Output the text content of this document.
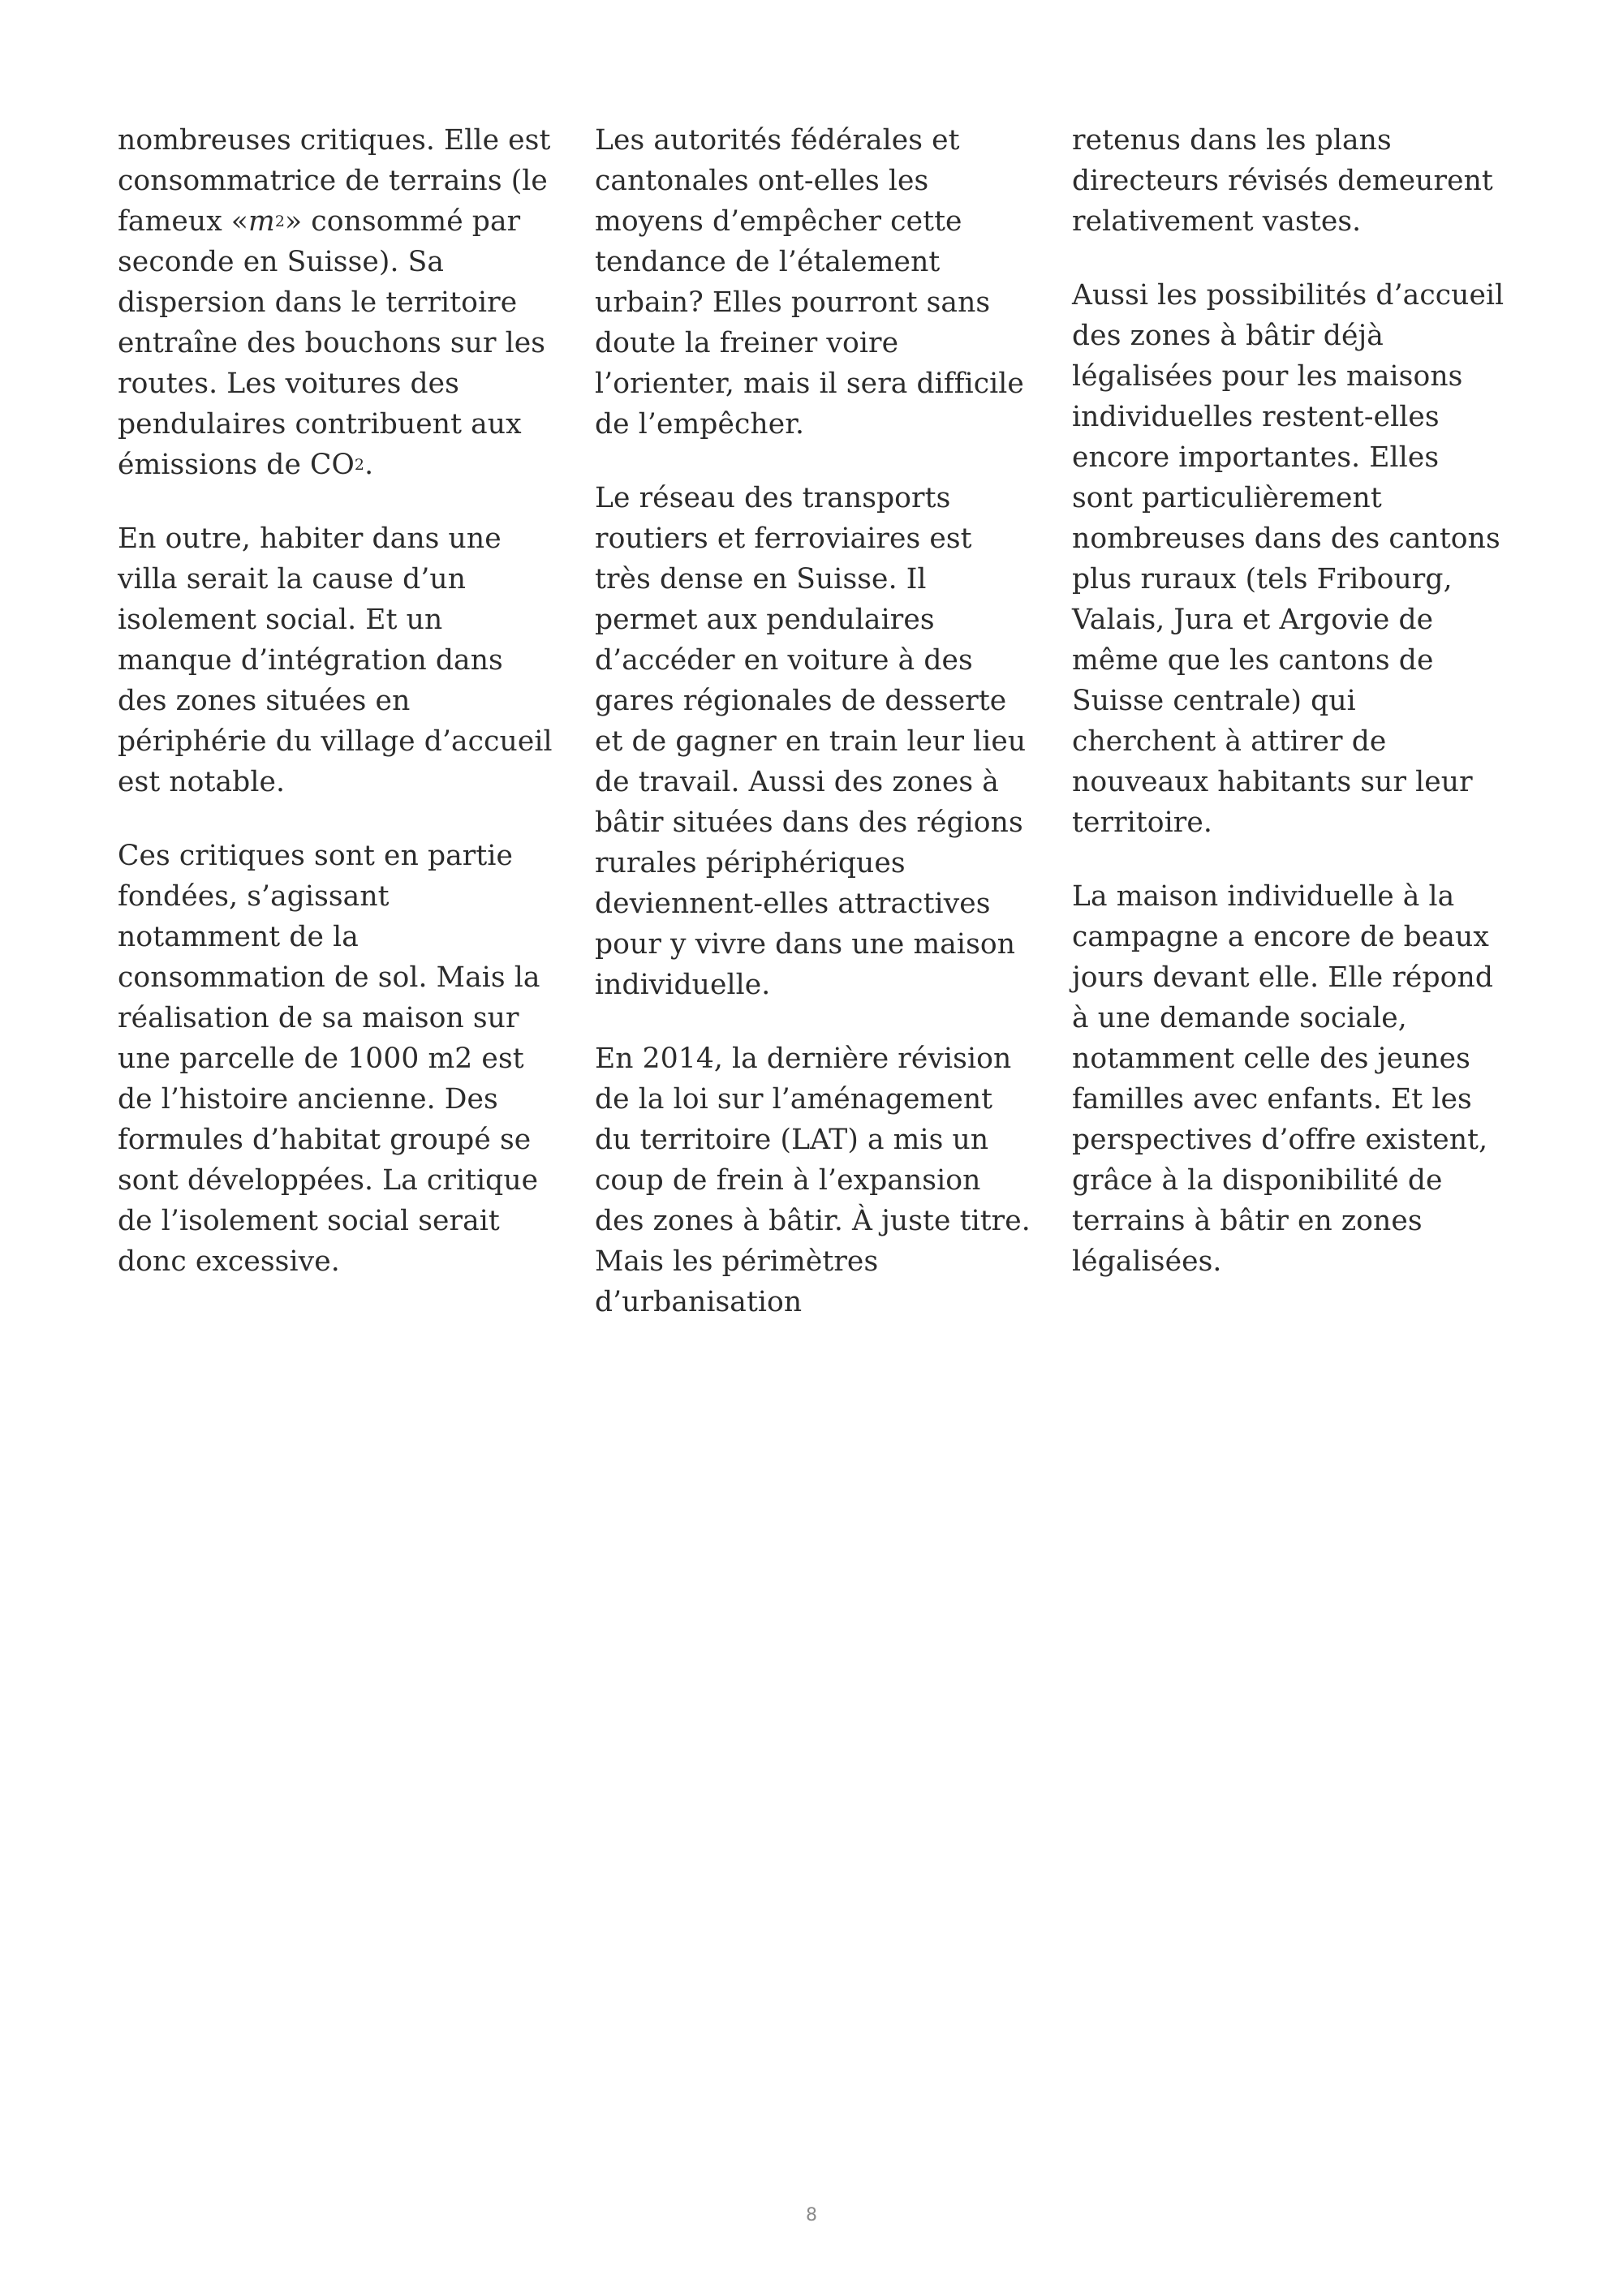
nombreuses critiques. Elle est consommatrice de terrains (le fameux «$m^2$» consommé par seconde en Suisse). Sa dispersion dans le territoire entraîne des bouchons sur les routes. Les voitures des pendulaires contribuent aux émissions de $CO^2$.

En outre, habiter dans une villa serait la cause d’un isolement social. Et un manque d’intégration dans des zones situées en périphérie du village d’accueil est notable.

Ces critiques sont en partie fondées, s’agissant notamment de la consommation de sol. Mais la réalisation de sa maison sur une parcelle de 1000 m2 est de l’histoire ancienne. Des formules d’habitat groupé se sont développées. La critique de l’isolement social serait donc excessive.

Les autorités fédérales et cantonales ont-elles les moyens d’empêcher cette tendance de l’étalement urbain? Elles pourront sans doute la freiner voire l’orienter, mais il sera difficile de l’empêcher.

Le réseau des transports routiers et ferroviaires est très dense en Suisse. Il permet aux pendulaires d’accéder en voiture à des gares régionales de desserte et de gagner en train leur lieu de travail. Aussi des zones à bâtir situées dans des régions rurales périphériques deviennent-elles attractives pour y vivre dans une maison individuelle.

En 2014, la dernière révision de la loi sur l’aménagement du territoire (LAT) a mis un coup de frein à l’expansion des zones à bâtir. À juste titre. Mais les périmètres d’urbanisation

retenus dans les plans directeurs révisés demeurent relativement vastes.

Aussi les possibilités d’accueil des zones à bâtir déjà légalisées pour les maisons individuelles restent-elles encore importantes. Elles sont particulièrement nombreuses dans des cantons plus ruraux (tels Fribourg, Valais, Jura et Argovie de même que les cantons de Suisse centrale) qui cherchent à attirer de nouveaux habitants sur leur territoire.

La maison individuelle à la campagne a encore de beaux jours devant elle. Elle répond à une demande sociale, notamment celle des jeunes familles avec enfants. Et les perspectives d’offre existent, grâce à la disponibilité de terrains à bâtir en zones légalisées.

8
